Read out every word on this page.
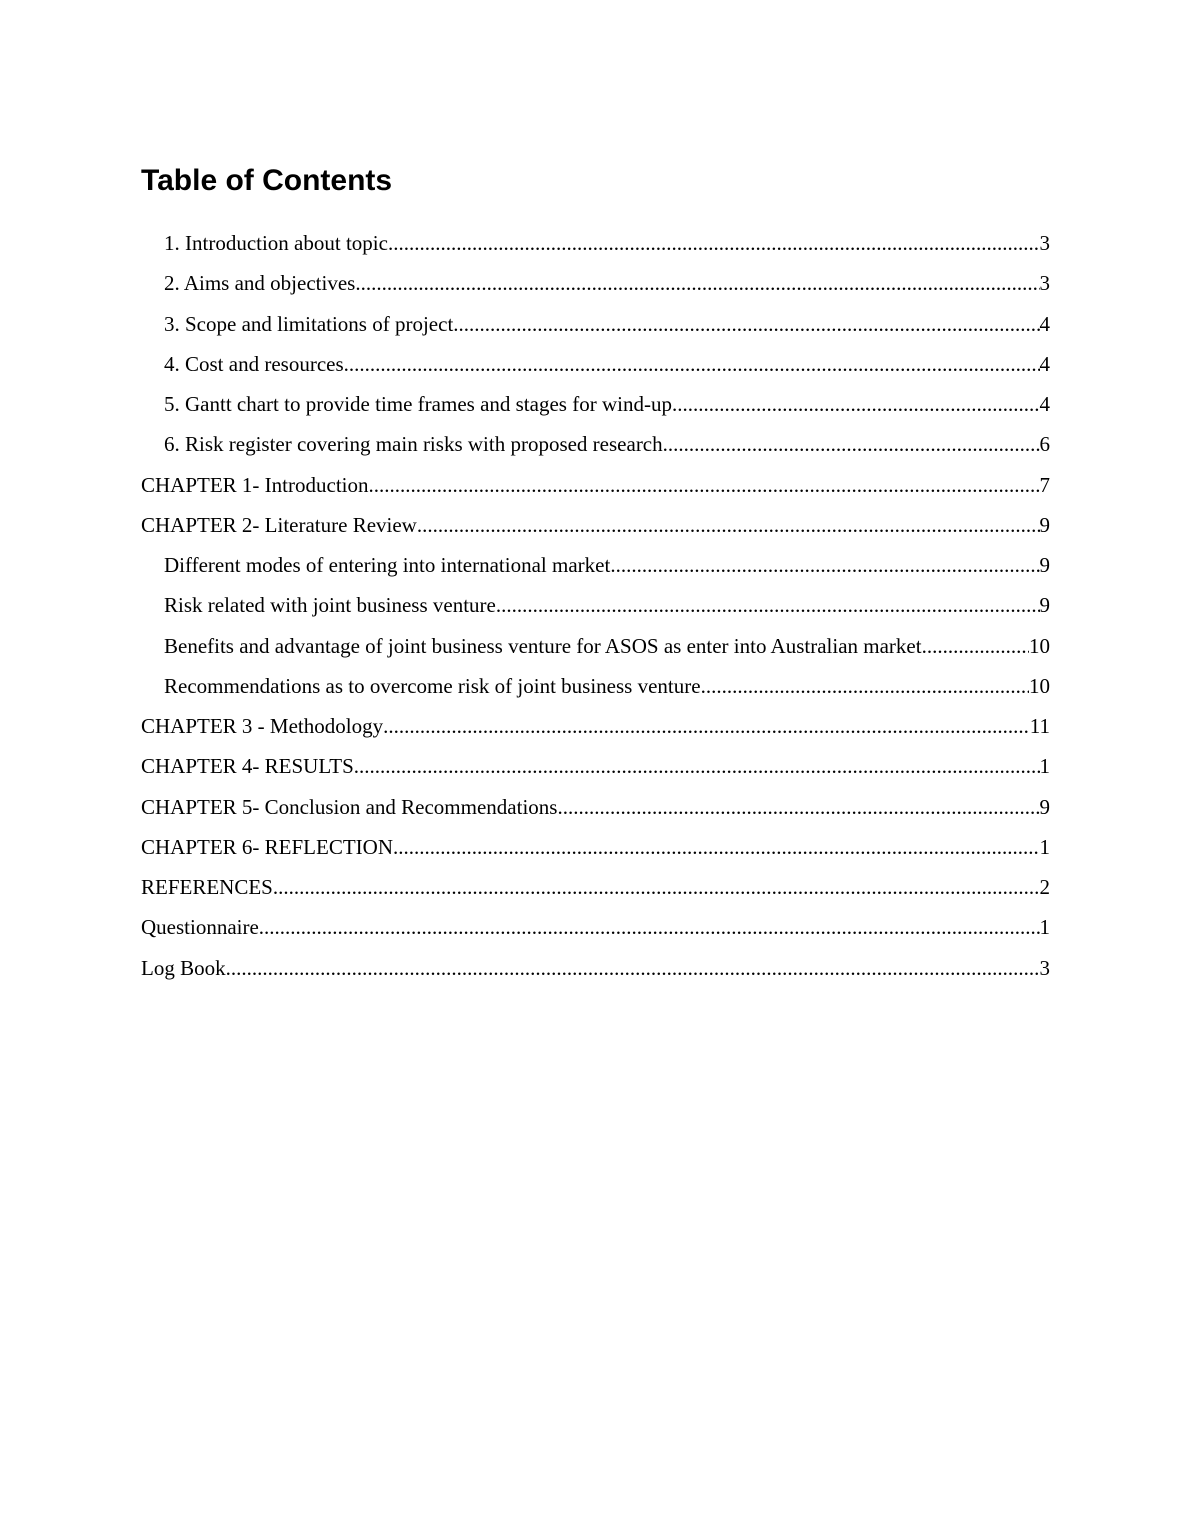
Table of Contents
1. Introduction about topic .....	3
2. Aims and objectives .....	3
3. Scope and limitations of project .....	4
4. Cost and resources .....	4
5. Gantt chart to provide time frames and stages for wind-up .....	4
6. Risk register covering main risks with proposed research .....	6
CHAPTER 1- Introduction .....	7
CHAPTER 2- Literature Review .....	9
Different modes of entering into international market .....	9
Risk related with joint business venture .....	9
Benefits and advantage of joint business venture for ASOS as enter into Australian market .....	10
Recommendations as to overcome risk of joint business venture .....	10
CHAPTER 3 - Methodology .....	11
CHAPTER 4- RESULTS .....	1
CHAPTER 5- Conclusion and Recommendations .....	9
CHAPTER 6- REFLECTION .....	1
REFERENCES .....	2
Questionnaire .....	1
Log Book .....	3
